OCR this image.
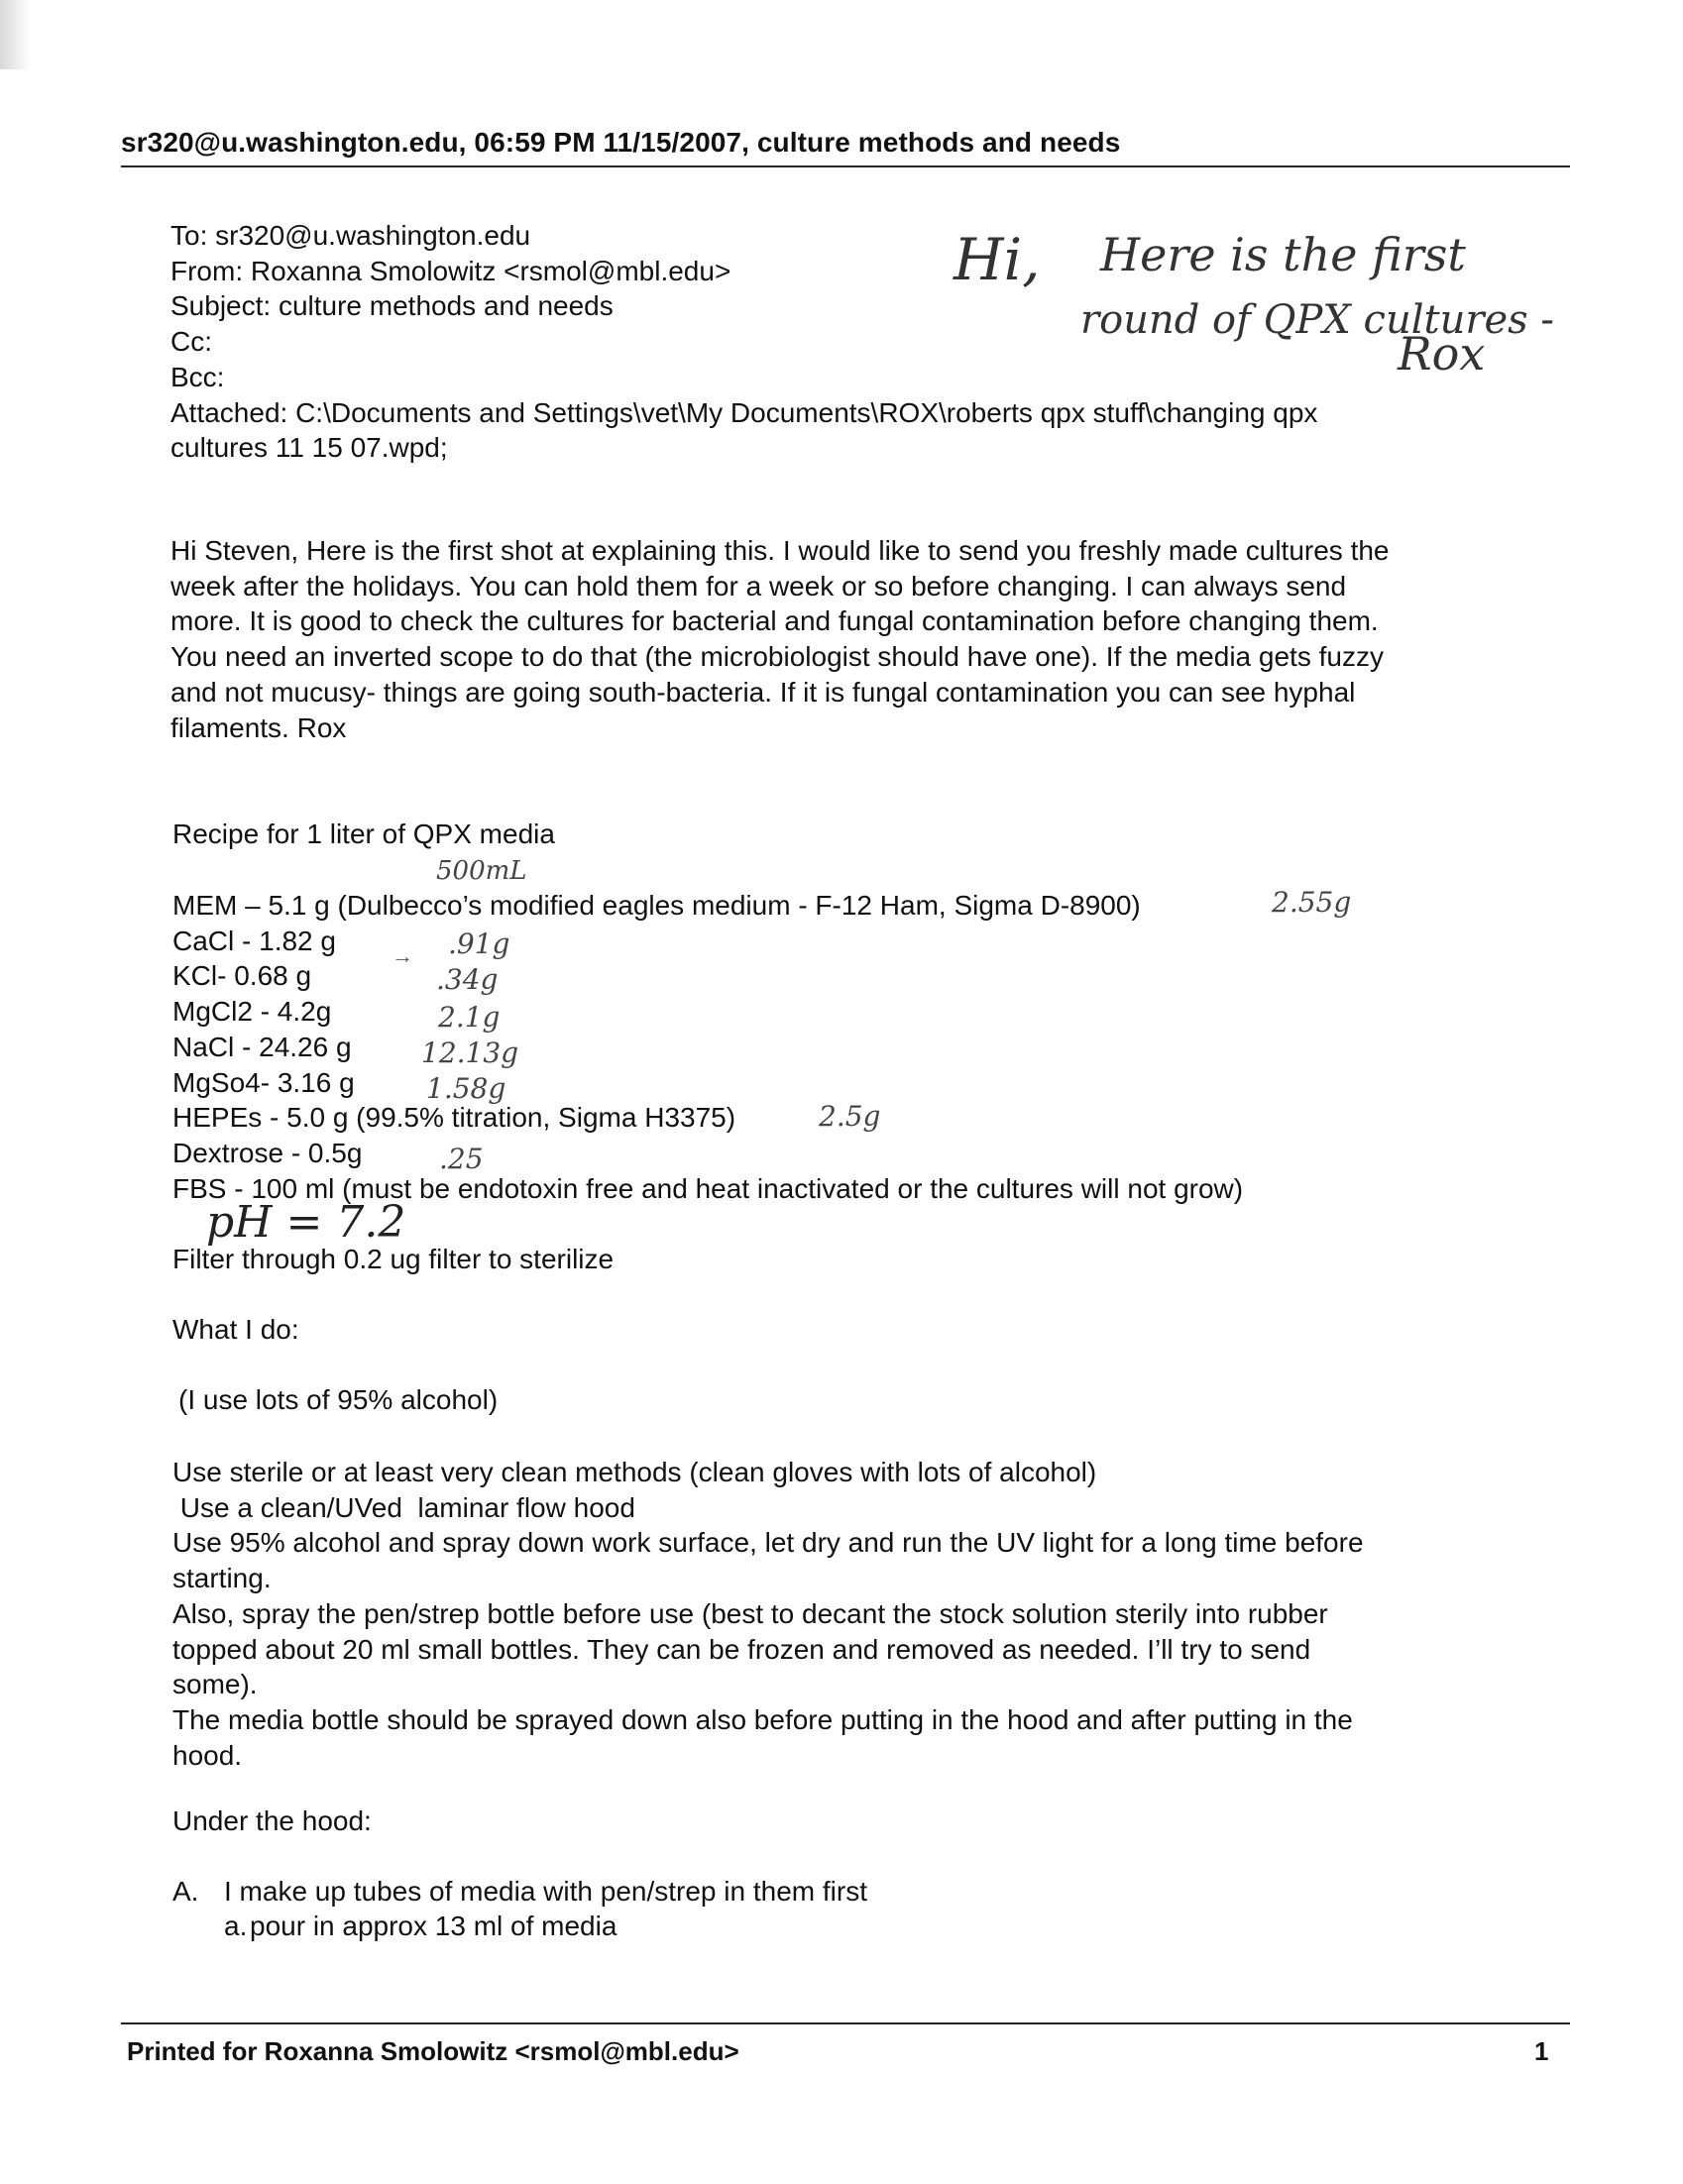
sr320@u.washington.edu, 06:59 PM 11/15/2007, culture methods and needs
To: sr320@u.washington.edu
From: Roxanna Smolowitz <rsmol@mbl.edu>
Subject: culture methods and needs
Cc:
Bcc:
Attached: C:\Documents and Settings\vet\My Documents\ROX\roberts qpx stuff\changing qpx
cultures 11 15 07.wpd;
Hi, Here is the first
round of QPX cultures -
Rox
Hi Steven, Here is the first shot at explaining this. I would like to send you freshly made cultures the
week after the holidays. You can hold them for a week or so before changing. I can always send
more. It is good to check the cultures for bacterial and fungal contamination before changing them.
You need an inverted scope to do that (the microbiologist should have one). If the media gets fuzzy
and not mucusy- things are going south-bacteria. If it is fungal contamination you can see hyphal
filaments. Rox
Recipe for 1 liter of QPX media
500mL
MEM – 5.1 g (Dulbecco’s modified eagles medium - F-12 Ham, Sigma D-8900)
CaCl - 1.82 g
KCl- 0.68 g
MgCl2 - 4.2g
NaCl - 24.26 g
MgSo4- 3.16 g
HEPEs - 5.0 g (99.5% titration, Sigma H3375)
Dextrose - 0.5g
FBS - 100 ml (must be endotoxin free and heat inactivated or the cultures will not grow)
→
2.55g
.91g
.34g
2.1g
12.13g
1.58g
2.5g
.25
pH = 7.2
Filter through 0.2 ug filter to sterilize
What I do:
(I use lots of 95% alcohol)
Use sterile or at least very clean methods (clean gloves with lots of alcohol)
Use a clean/UVed  laminar flow hood
Use 95% alcohol and spray down work surface, let dry and run the UV light for a long time before
starting.
Also, spray the pen/strep bottle before use (best to decant the stock solution sterily into rubber
topped about 20 ml small bottles. They can be frozen and removed as needed. I’ll try to send
some).
The media bottle should be sprayed down also before putting in the hood and after putting in the
hood.
Under the hood:
A. I make up tubes of media with pen/strep in them first
a.pour in approx 13 ml of media
Printed for Roxanna Smolowitz <rsmol@mbl.edu>	1
